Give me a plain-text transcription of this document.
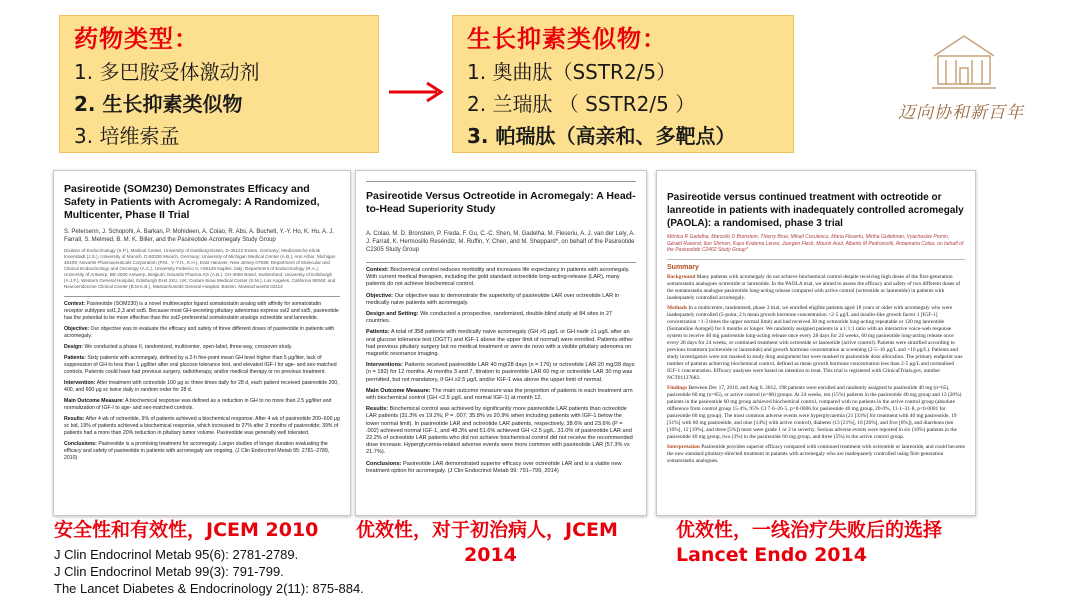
药物类型：
1. 多巴胺受体激动剂
2. 生长抑素类似物
3. 培维索孟
生长抑素类似物：
1. 奥曲肽（SSTR2/5）
2. 兰瑞肽 （ SSTR2/5 ）
3. 帕瑞肽（高亲和、多靶点）
迈向协和新百年
Pasireotide (SOM230) Demonstrates Efficacy and Safety in Patients with Acromegaly: A Randomized, Multicenter, Phase II Trial
S. Petersenn, J. Schopohl, A. Barkan, P. Mohideen, A. Colao, R. Abs, A. Buchelt, Y.-Y. Ho, K. Hu, A. J. Farrall, S. Melmed, B. M. K. Biller, and the Pasireotide Acromegaly Study Group
Division of Endocrinology (S.P.), Medical Center, University of Duisburg-Essen, D-45122 Essen, Germany; Medizinische Klinik Innenstadt (J.S.), University of Munich, D-80336 Munich, Germany; University of Michigan Medical Center (A.B.), Ann Arbor, Michigan 48109; Novartis Pharmaceuticals Corporation (P.M., Y.-Y.H., K.H.), East Hanover, New Jersey 07936; Department of Molecular and Clinical Endocrinology and Oncology (A.C.), University Federico II, I-80125 Naples, Italy; Department of Endocrinology (R.A.), University of Antwerp, BE-2000 Antwerp, Belgium; Novartis Pharma AG (A.B.), CH-4056 Basel, Switzerland; University of Edinburgh (A.J.F.), Western General Hospital, Edinburgh EH4 2XU, UK; Cedars-Sinai Medical Center (S.M.), Los Angeles, California 90048; and Neuroendocrine Clinical Center (B.M.K.B.), Massachusetts General Hospital, Boston, Massachusetts 02114
Context: Pasireotide (SOM230) is a novel multireceptor ligand somatostatin analog with affinity for somatostatin receptor subtypes sst1,2,3 and sst5. Because most GH-secreting pituitary adenomas express sst2 and sst5, pasireotide has the potential to be more effective than the sst2-preferential somatostatin analogs octreotide and lanreotide.
Objective: Our objective was to evaluate the efficacy and safety of three different doses of pasireotide in patients with acromegaly.
Design: We conducted a phase II, randomized, multicenter, open-label, three-way, crossover study.
Patients: Sixty patients with acromegaly, defined by a 2-h five-point mean GH level higher than 5 μg/liter, lack of suppression of GH to less than 1 μg/liter after oral glucose tolerance test, and elevated IGF-I for age- and sex-matched controls. Patients could have had previous surgery, radiotherapy, and/or medical therapy or no previous treatment.
Intervention: After treatment with octreotide 100 μg sc three times daily for 28 d, each patient received pasireotide 200, 400, and 600 μg sc twice daily in random order for 28 d.
Main Outcome Measure: A biochemical response was defined as a reduction in GH to no more than 2.5 μg/liter and normalization of IGF-I to age- and sex-matched controls.
Results: After 4 wk of octreotide, 9% of patients achieved a biochemical response. After 4 wk of pasireotide 200–600 μg sc bid, 19% of patients achieved a biochemical response, which increased to 27% after 3 months of pasireotide; 39% of patients had a more than 20% reduction in pituitary tumor volume. Pasireotide was generally well tolerated.
Conclusions: Pasireotide is a promising treatment for acromegaly. Larger studies of longer duration evaluating the efficacy and safety of pasireotide in patients with acromegaly are ongoing. (J Clin Endocrinol Metab 95: 2781–2789, 2010)
Pasireotide Versus Octreotide in Acromegaly: A Head-to-Head Superiority Study
A. Colao, M. D. Bronstein, P. Freda, F. Gu, C.-C. Shen, M. Gadelha, M. Fleseriu, A. J. van der Lely, A. J. Farrall, K. Hermosillo Reséndiz, M. Ruffin, Y. Chen, and M. Sheppard*, on behalf of the Pasireotide C2305 Study Group
Context: Biochemical control reduces morbidity and increases life expectancy in patients with acromegaly. With current medical therapies, including the gold standard octreotide long-acting-release (LAR), many patients do not achieve biochemical control.
Objective: Our objective was to demonstrate the superiority of pasireotide LAR over octreotide LAR in medically naive patients with acromegaly.
Design and Setting: We conducted a prospective, randomized, double-blind study at 84 sites in 27 countries.
Patients: A total of 358 patients with medically naive acromegaly (GH >5 μg/L or GH nadir ≥1 μg/L after an oral glucose tolerance test (OGTT) and IGF-1 above the upper limit of normal) were enrolled. Patients either had previous pituitary surgery but no medical treatment or were de novo with a visible pituitary adenoma on magnetic resonance imaging.
Interventions: Patients received pasireotide LAR 40 mg/28 days (n = 176) or octreotide LAR 20 mg/28 days (n = 182) for 12 months. At months 3 and 7, titration to pasireotide LAR 60 mg or octreotide LAR 30 mg was permitted, but not mandatory, if GH ≥2.5 μg/L and/or IGF-1 was above the upper limit of normal.
Main Outcome Measure: The main outcome measure was the proportion of patients in each treatment arm with biochemical control (GH <2.5 μg/L and normal IGF-1) at month 12.
Results: Biochemical control was achieved by significantly more pasireotide LAR patients than octreotide LAR patients (31.3% vs 19.2%; P = .007; 35.8% vs 20.9% when including patients with IGF-1 below the lower normal limit). In pasireotide LAR and octreotide LAR patients, respectively, 38.6% and 23.6% (P = .002) achieved normal IGF-1, and 48.3% and 51.6% achieved GH <2.5 μg/L. 31.0% of pasireotide LAR and 22.2% of octreotide LAR patients who did not achieve biochemical control did not receive the recommended dose increase. Hyperglycemia-related adverse events were more common with pasireotide LAR (57.3% vs 21.7%).
Conclusions: Pasireotide LAR demonstrated superior efficacy over octreotide LAR and is a viable new treatment option for acromegaly. (J Clin Endocrinol Metab 99: 791–799, 2014)
Pasireotide versus continued treatment with octreotide or lanreotide in patients with inadequately controlled acromegaly (PAOLA): a randomised, phase 3 trial
Mônica R Gadelha, Marcello D Bronstein, Thierry Brue, Mihail Coculescu, Maria Fleseriu, Mirtha Guitelman, Vyacheslav Pronin, Gérald Raverot, Ilan Shimon, Kayo Kodama Lievre, Juergen Fleck, Mounir Aout, Alberto M Pedroncelli, Annamaria Colao, on behalf of the Pasireotide C2402 Study Group*
Summary
Background Many patients with acromegaly do not achieve biochemical control despite receiving high doses of the first-generation somatostatin analogues octreotide or lanreotide. In the PAOLA trial, we aimed to assess the efficacy and safety of two different doses of the somatostatin analogue pasireotide long-acting release compared with active control (octreotide or lanreotide) in patients with inadequately controlled acromegaly.
Methods In a multicentre, randomised, phase 3 trial, we enrolled eligible patients aged 18 years or older with acromegaly who were inadequately controlled (5-point, 2 h mean growth hormone concentration >2·5 μg/L and insulin-like growth factor 1 [IGF-1] concentration >1·3 times the upper normal limit) and had received 30 mg octreotide long-acting repeatable or 120 mg lanreotide (Somatuline Autogel) for 6 months or longer. We randomly assigned patients in a 1:1:1 ratio with an interactive voice-web response system to receive 40 mg pasireotide long-acting release once every 28 days for 24 weeks, 60 mg pasireotide long-acting release once every 28 days for 24 weeks, or continued treatment with octreotide or lanreotide (active control). Patients were stratified according to previous treatment (octreotide or lanreotide) and growth hormone concentration at screening (2·5–10 μg/L and >10 μg/L). Patients and study investigators were not masked to study drug assignment but were masked to pasireotide dose allocation. The primary endpoint was number of patients achieving biochemical control, defined as mean growth hormone concentration less than 2·5 μg/L and normalised IGF-1 concentration. Efficacy analyses were based on intention to treat. This trial is registered with ClinicalTrials.gov, number NCT01137682.
Findings Between Dec 17, 2010, and Aug 6, 2012, 198 patients were enrolled and randomly assigned to pasireotide 40 mg (n=65), pasireotide 60 mg (n=65), or active control (n=68) groups. At 24 weeks, ten (15%) patients in the pasireotide 40 mg group and 13 (20%) patients in the pasireotide 60 mg group achieved biochemical control, compared with no patients in the active control group (absolute difference from control group 15·4%, 95% CI 7·6–26·5, p=0·0006 for pasireotide 40 mg group, 20·0%, 11·1–31·8, p<0·0001 for pasireotide 60 mg group). The most common adverse events were hyperglycaemia (21 [33%] for treatment with 40 mg pasireotide, 19 [31%] with 60 mg pasireotide, and nine [14%] with active control), diabetes (13 [21%], 16 [26%], and five [8%]), and diarrhoea (ten [16%], 12 [19%], and three [5%]) most were grade 1 or 2 in severity. Serious adverse events were reported in six (10%) patients in the pasireotide 40 mg group, two (3%) in the pasireotide 60 mg group, and three (5%) in the active control group.
Interpretation Pasireotide provides superior efficacy compared with continued treatment with octreotide or lanreotide, and could become the new standard pituitary-directed treatment in patients with acromegaly who are inadequately controlled using first-generation somatostatin analogues.
安全性和有效性，JCEM 2010 优效性，对于初治病人，JCEM
2014
优效性，一线治疗失败后的选择
Lancet Endo 2014
J Clin Endocrinol Metab 95(6): 2781-2789.
J Clin Endocrinol Metab 99(3): 791-799.
The Lancet Diabetes & Endocrinology 2(11): 875-884.
